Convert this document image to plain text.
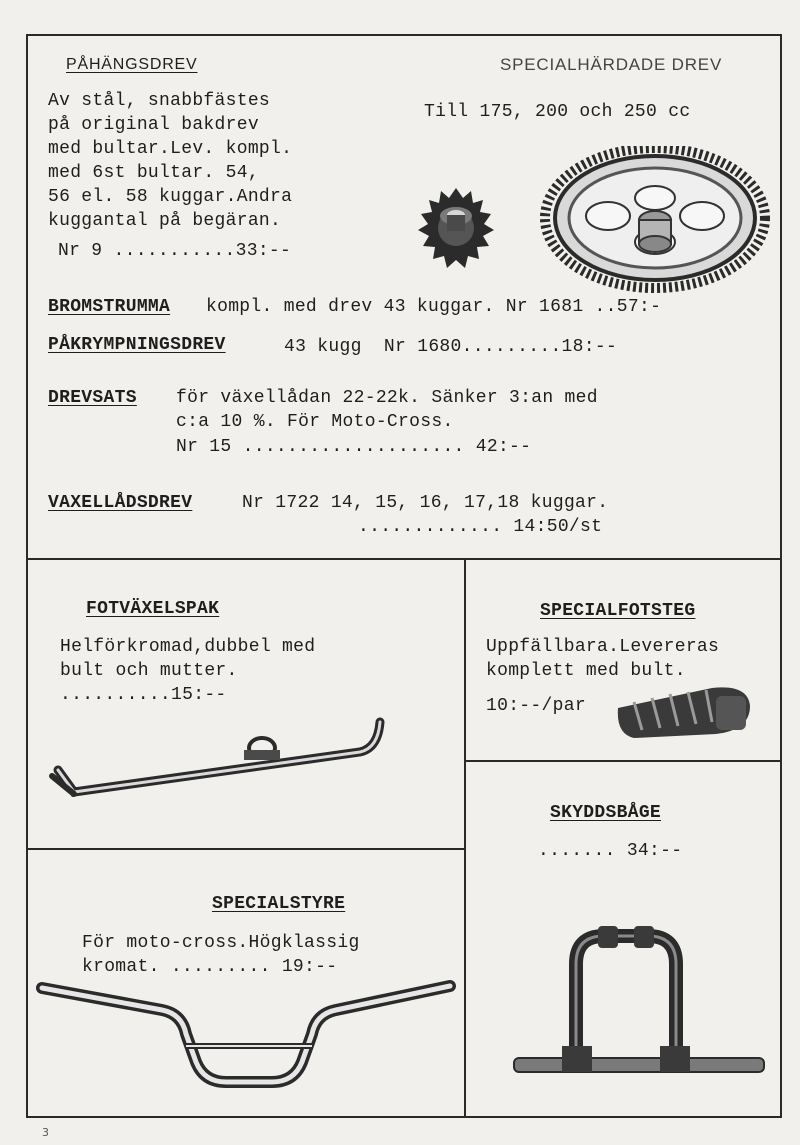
PÅHÄNGSDREV
Av stål, snabbfästes
på original bakdrev
med bultar.Lev. kompl.
med 6st bultar. 54,
56 el. 58 kuggar.Andra
kuggantal på begäran.
Nr 9 ...........33:--
SPECIALHÄRDADE DREV
Till 175, 200 och 250 cc
BROMSTRUMMA kompl. med drev 43 kuggar. Nr 1681 ..57:-
PÅKRYMPNINGSDREV	43 kugg  Nr 1680.........18:--
DREVSATS för växellådan 22-22k. Sänker 3:an med
c:a 10 %. För Moto-Cross.
Nr 15 .................... 42:--
VAXELLÅDSDREV	Nr 1722 14, 15, 16, 17,18 kuggar.
............. 14:50/st
FOTVÄXELSPAK
Helförkromad,dubbel med
bult och mutter.
..........15:--
SPECIALFOTSTEG
Uppfällbara.Levereras
komplett med bult.
10:--/par
SKYDDSBÅGE
....... 34:--
SPECIALSTYRE
För moto-cross.Högklassig
kromat. ......... 19:--
3
